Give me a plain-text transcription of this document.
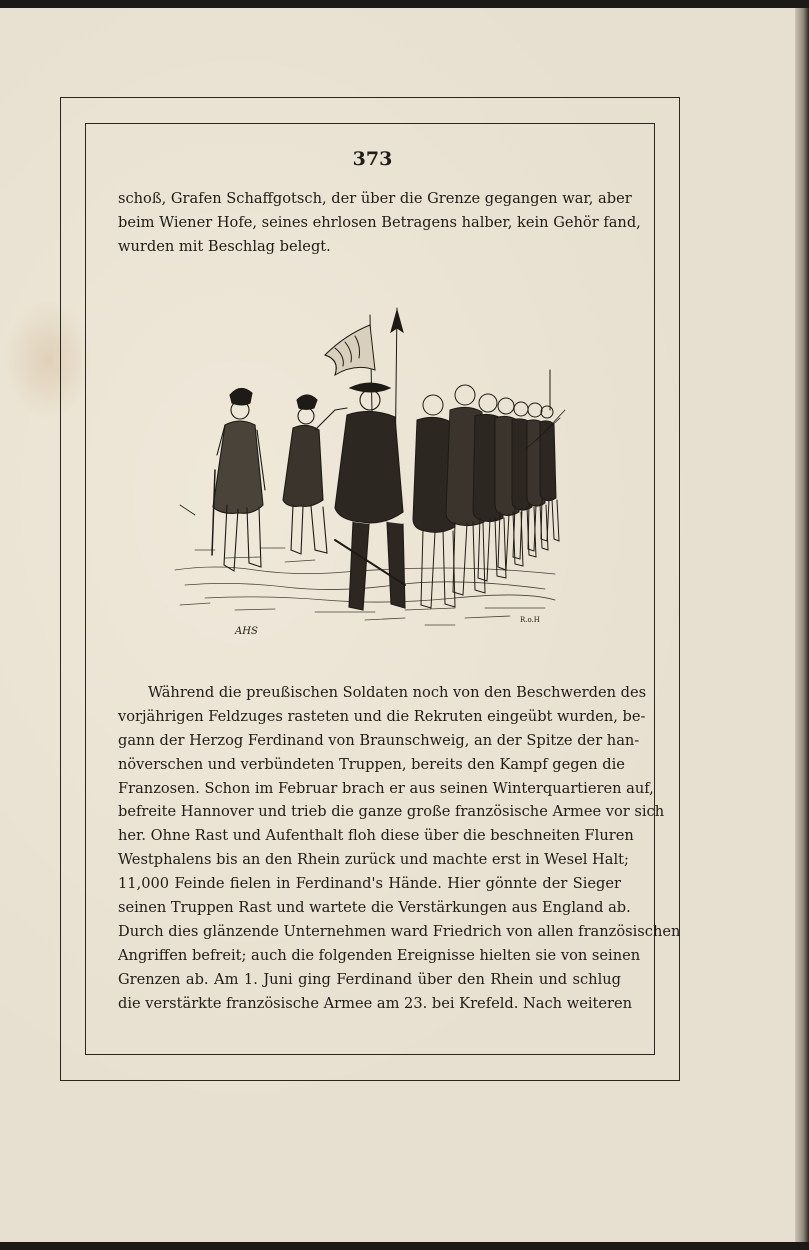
373
schoß, Grafen Schaffgotsch, der über die Grenze gegangen war, aber
beim Wiener Hofe, seines ehrlosen Betragens halber, kein Gehör fand,
wurden mit Beschlag belegt.
AHS
R.o.H
Während die preußischen Soldaten noch von den Beschwerden des
vorjährigen Feldzuges rasteten und die Rekruten eingeübt wurden, be-
gann der Herzog Ferdinand von Braunschweig, an der Spitze der han-
növerschen und verbündeten Truppen, bereits den Kampf gegen die
Franzosen. Schon im Februar brach er aus seinen Winterquartieren auf,
befreite Hannover und trieb die ganze große französische Armee vor sich
her. Ohne Rast und Aufenthalt floh diese über die beschneiten Fluren
Westphalens bis an den Rhein zurück und machte erst in Wesel Halt;
11,000 Feinde fielen in Ferdinand's Hände. Hier gönnte der Sieger
seinen Truppen Rast und wartete die Verstärkungen aus England ab.
Durch dies glänzende Unternehmen ward Friedrich von allen französischen
Angriffen befreit; auch die folgenden Ereignisse hielten sie von seinen
Grenzen ab. Am 1. Juni ging Ferdinand über den Rhein und schlug
die verstärkte französische Armee am 23. bei Krefeld. Nach weiteren
